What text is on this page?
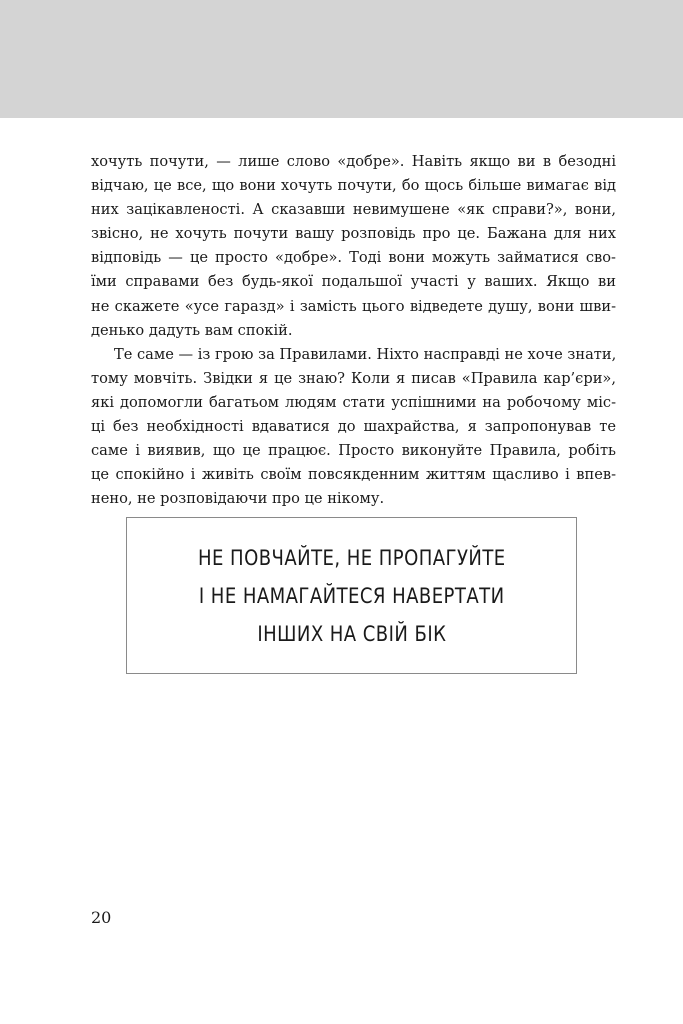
хочуть почути, — лише слово «добре». Навіть якщо ви в безодні
відчаю, це все, що вони хочуть почути, бо щось більше вимагає від
них зацікавленості. А сказавши невимушене «як справи?», вони,
звісно, не хочуть почути вашу розповідь про це. Бажана для них
відповідь — це просто «добре». Тоді вони можуть займатися сво-
їми справами без будь-якої подальшої участі у ваших. Якщо ви
не скажете «усе гаразд» і замість цього відведете душу, вони шви-
денько дадуть вам спокій.
Те саме — із грою за Правилами. Ніхто насправді не хоче знати,
тому мовчіть. Звідки я це знаю? Коли я писав «Правила кар’єри»,
які допомогли багатьом людям стати успішними на робочому міс-
ці без необхідності вдаватися до шахрайства, я запропонував те
саме і виявив, що це працює. Просто виконуйте Правила, робіть
це спокійно і живіть своїм повсякденним життям щасливо і впев-
нено, не розповідаючи про це нікому.
НЕ ПОВЧАЙТЕ, НЕ ПРОПАГУЙТЕ
І НЕ НАМАГАЙТЕСЯ НАВЕРТАТИ
ІНШИХ НА СВІЙ БІК
20
